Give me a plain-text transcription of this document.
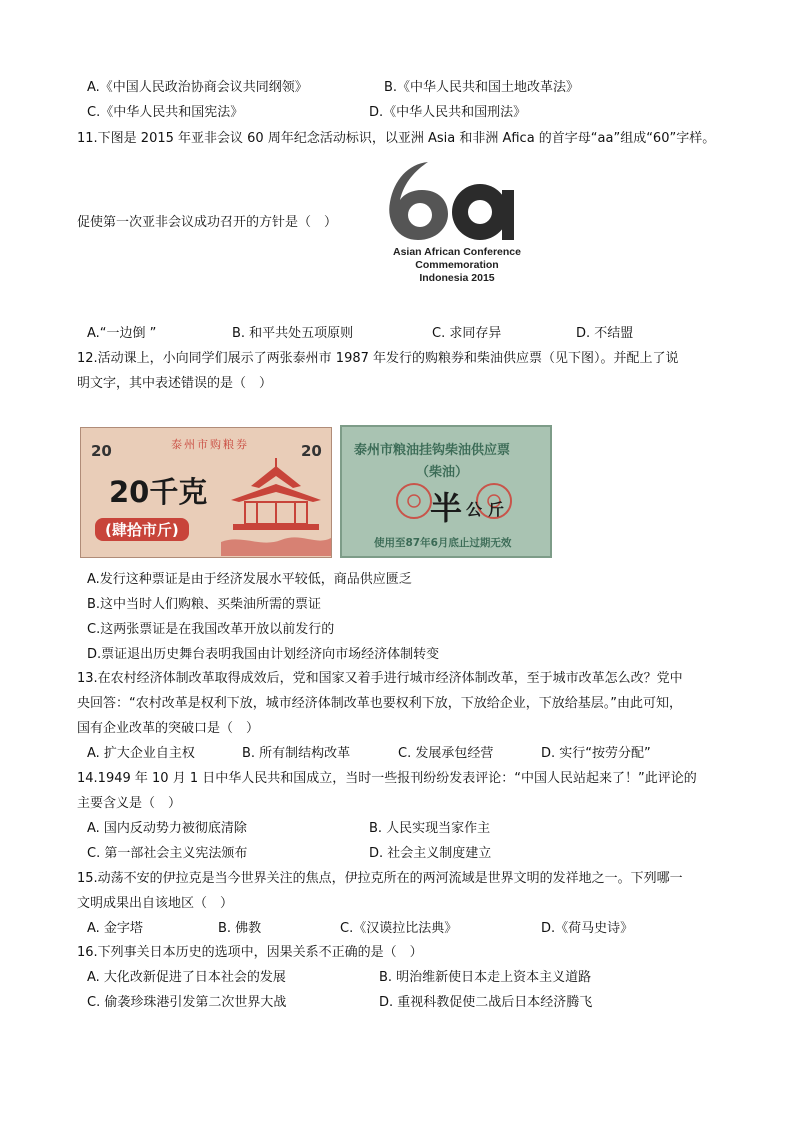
A.《中国人民政治协商会议共同纲领》	B.《中华人民共和国土地改革法》
C.《中华人民共和国宪法》	D.《中华人民共和国刑法》
11.下图是 2015 年亚非会议 60 周年纪念活动标识，以亚洲 Asia 和非洲 Afica 的首字母“aa”组成“60”字样。
促使第一次亚非会议成功召开的方针是（　）
Asian African Conference
Commemoration
Indonesia 2015
A.“一边倒 ”	B. 和平共处五项原则	C. 求同存异	D. 不结盟
12.活动课上，小向同学们展示了两张泰州市 1987 年发行的购粮券和柴油供应票（见下图）。并配上了说
明文字，其中表述错误的是（　）
泰州市购粮券
20	20
20千克
(肆拾市斤)
泰州市粮油挂钩柴油供应票
（柴油）
半 公斤
使用至87年6月底止过期无效
A.发行这种票证是由于经济发展水平较低，商品供应匮乏
B.这中当时人们购粮、买柴油所需的票证
C.这两张票证是在我国改革开放以前发行的
D.票证退出历史舞台表明我国由计划经济向市场经济体制转变
13.在农村经济体制改革取得成效后，党和国家又着手进行城市经济体制改革，至于城市改革怎么改？党中
央回答：“农村改革是权利下放，城市经济体制改革也要权利下放，下放给企业，下放给基层。”由此可知，
国有企业改革的突破口是（　）
A. 扩大企业自主权	B. 所有制结构改革	C. 发展承包经营	D. 实行“按劳分配”
14.1949 年 10 月 1 日中华人民共和国成立，当时一些报刊纷纷发表评论：“中国人民站起来了！”此评论的
主要含义是（　）
A. 国内反动势力被彻底清除	B. 人民实现当家作主
C. 第一部社会主义宪法颁布	D. 社会主义制度建立
15.动荡不安的伊拉克是当今世界关注的焦点，伊拉克所在的两河流域是世界文明的发祥地之一。下列哪一
文明成果出自该地区（　）
A. 金字塔	B. 佛教	C.《汉谟拉比法典》	D.《荷马史诗》
16.下列事关日本历史的选项中，因果关系不正确的是（　）
A. 大化改新促进了日本社会的发展	B. 明治维新使日本走上资本主义道路
C. 偷袭珍珠港引发第二次世界大战	D. 重视科教促使二战后日本经济腾飞
